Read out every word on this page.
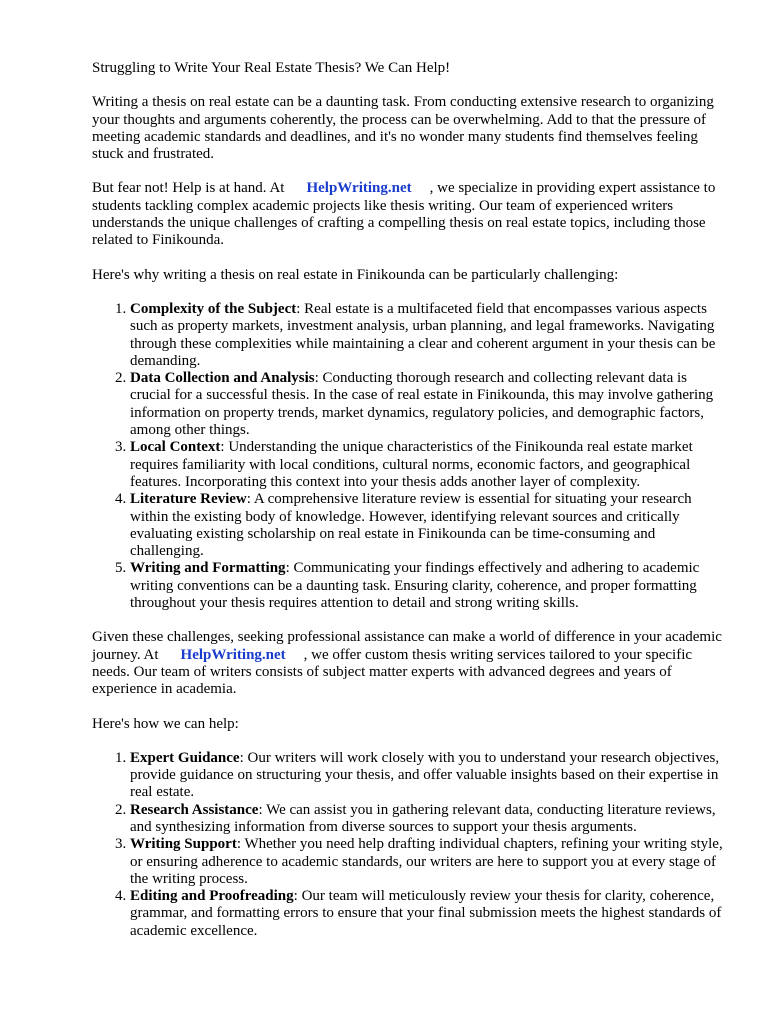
Struggling to Write Your Real Estate Thesis? We Can Help!

Writing a thesis on real estate can be a daunting task. From conducting extensive research to organizing your thoughts and arguments coherently, the process can be overwhelming. Add to that the pressure of meeting academic standards and deadlines, and it's no wonder many students find themselves feeling stuck and frustrated.

But fear not! Help is at hand. At HelpWriting.net , we specialize in providing expert assistance to students tackling complex academic projects like thesis writing. Our team of experienced writers understands the unique challenges of crafting a compelling thesis on real estate topics, including those related to Finikounda.

Here's why writing a thesis on real estate in Finikounda can be particularly challenging:

1. Complexity of the Subject: Real estate is a multifaceted field that encompasses various aspects such as property markets, investment analysis, urban planning, and legal frameworks. Navigating through these complexities while maintaining a clear and coherent argument in your thesis can be demanding.
2. Data Collection and Analysis: Conducting thorough research and collecting relevant data is crucial for a successful thesis. In the case of real estate in Finikounda, this may involve gathering information on property trends, market dynamics, regulatory policies, and demographic factors, among other things.
3. Local Context: Understanding the unique characteristics of the Finikounda real estate market requires familiarity with local conditions, cultural norms, economic factors, and geographical features. Incorporating this context into your thesis adds another layer of complexity.
4. Literature Review: A comprehensive literature review is essential for situating your research within the existing body of knowledge. However, identifying relevant sources and critically evaluating existing scholarship on real estate in Finikounda can be time-consuming and challenging.
5. Writing and Formatting: Communicating your findings effectively and adhering to academic writing conventions can be a daunting task. Ensuring clarity, coherence, and proper formatting throughout your thesis requires attention to detail and strong writing skills.

Given these challenges, seeking professional assistance can make a world of difference in your academic journey. At HelpWriting.net , we offer custom thesis writing services tailored to your specific needs. Our team of writers consists of subject matter experts with advanced degrees and years of experience in academia.

Here's how we can help:

1. Expert Guidance: Our writers will work closely with you to understand your research objectives, provide guidance on structuring your thesis, and offer valuable insights based on their expertise in real estate.
2. Research Assistance: We can assist you in gathering relevant data, conducting literature reviews, and synthesizing information from diverse sources to support your thesis arguments.
3. Writing Support: Whether you need help drafting individual chapters, refining your writing style, or ensuring adherence to academic standards, our writers are here to support you at every stage of the writing process.
4. Editing and Proofreading: Our team will meticulously review your thesis for clarity, coherence, grammar, and formatting errors to ensure that your final submission meets the highest standards of academic excellence.
